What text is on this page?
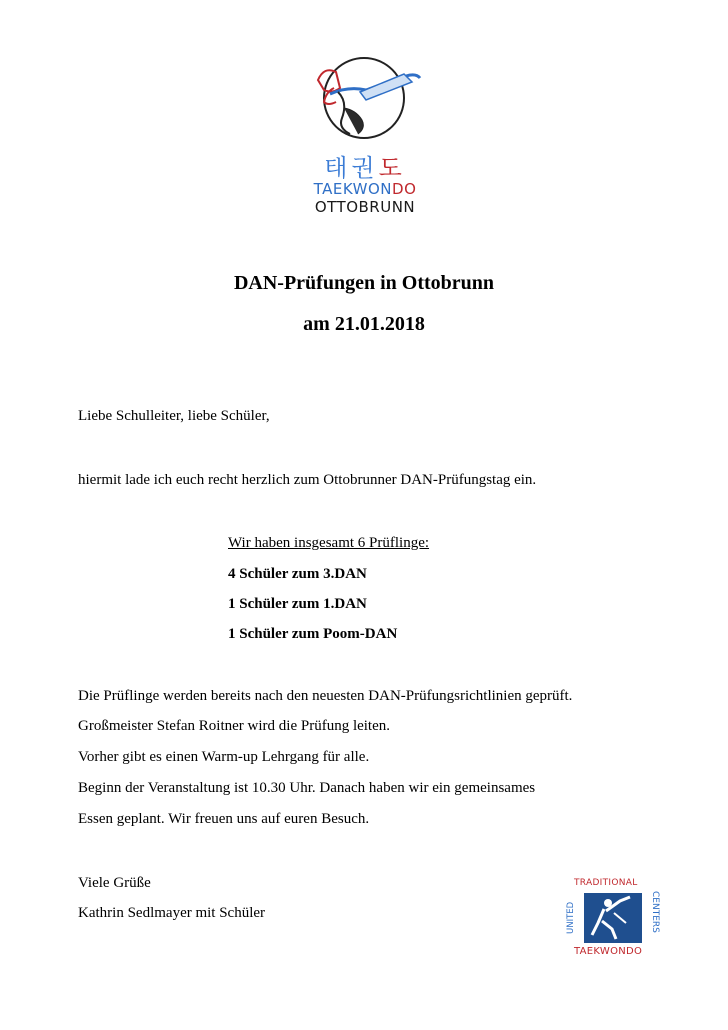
태권도
TAEKWONDO
OTTOBRUNN
DAN-Prüfungen in Ottobrunn
am 21.01.2018
Liebe Schulleiter, liebe Schüler,
hiermit lade ich euch recht herzlich zum Ottobrunner DAN-Prüfungstag ein.
Wir haben insgesamt 6 Prüflinge:
4 Schüler zum 3.DAN
1 Schüler zum 1.DAN
1 Schüler zum Poom-DAN
Die Prüflinge werden bereits nach den neuesten DAN-Prüfungsrichtlinien geprüft.
Großmeister Stefan Roitner wird die Prüfung leiten.
Vorher gibt es einen Warm-up Lehrgang für alle.
Beginn der Veranstaltung ist 10.30 Uhr. Danach haben wir ein gemeinsames
Essen geplant. Wir freuen uns auf euren Besuch.
Viele Grüße
Kathrin Sedlmayer mit Schüler
TRADITIONAL
UNITED	CENTERS
TAEKWONDO
